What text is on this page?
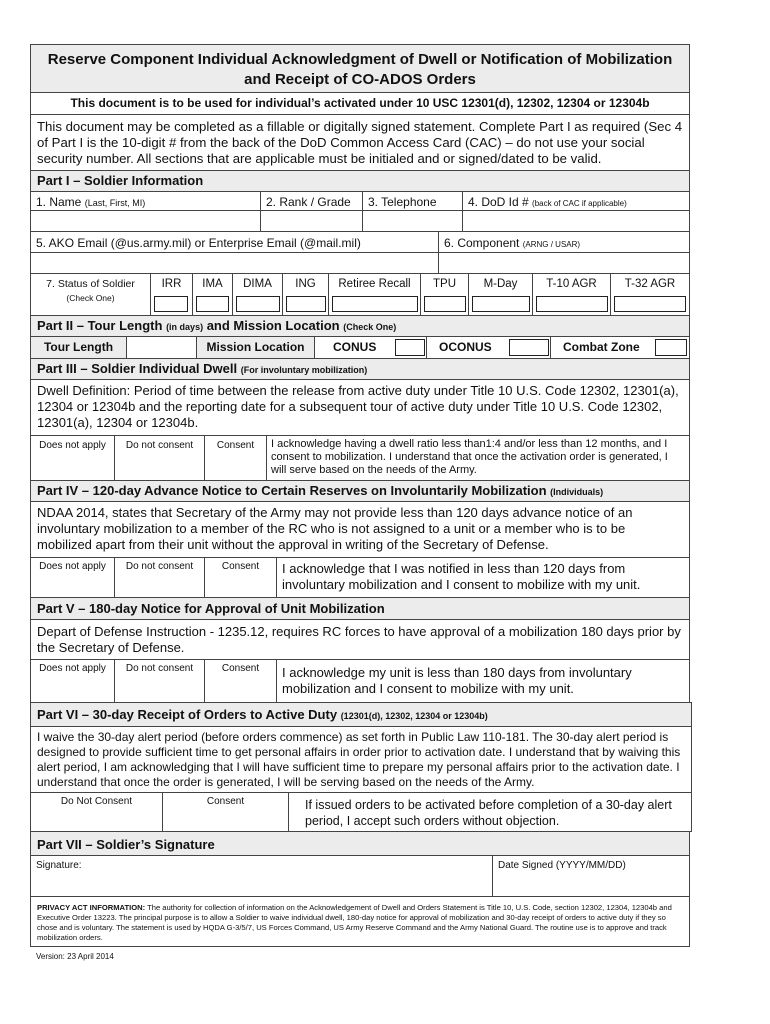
Reserve Component Individual Acknowledgment of Dwell or Notification of Mobilization
and Receipt of CO-ADOS Orders
This document is to be used for individual’s activated under 10 USC 12301(d), 12302, 12304 or 12304b
This document may be completed as a fillable or digitally signed statement. Complete Part I as required (Sec 4 of Part I is the 10-digit # from the back of the DoD Common Access Card (CAC) – do not use your social security number. All sections that are applicable must be initialed and or signed/dated to be valid.
Part I – Soldier Information
1. Name (Last, First, MI)	2. Rank / Grade	3. Telephone	4. DoD Id # (back of CAC if applicable)
5. AKO Email (@us.army.mil) or Enterprise Email (@mail.mil)	6. Component (ARNG / USAR)
7. Status of Soldier
(Check One)
IRR	IMA	DIMA	ING	Retiree Recall	TPU	M-Day	T-10 AGR	T-32 AGR
Part II – Tour Length (in days) and Mission Location (Check One)
Tour Length	Mission Location	CONUS	OCONUS	Combat Zone
Part III – Soldier Individual Dwell (For involuntary mobilization)
Dwell Definition: Period of time between the release from active duty under Title 10 U.S. Code 12302, 12301(a), 12304 or 12304b and the reporting date for a subsequent tour of active duty under Title 10 U.S. Code 12302, 12301(a), 12304 or 12304b.
Does not apply	Do not consent	Consent	I acknowledge having a dwell ratio less than1:4 and/or less than 12 months, and I consent to mobilization. I understand that once the activation order is generated, I will serve based on the needs of the Army.
Part IV – 120-day Advance Notice to Certain Reserves on Involuntarily Mobilization (Individuals)
NDAA 2014, states that Secretary of the Army may not provide less than 120 days advance notice of an involuntary mobilization to a member of the RC who is not assigned to a unit or a member who is to be mobilized apart from their unit without the approval in writing of the Secretary of Defense.
Does not apply	Do not consent	Consent	I acknowledge that I was notified in less than 120 days from involuntary mobilization and I consent to mobilize with my unit.
Part V – 180-day Notice for Approval of Unit Mobilization
Depart of Defense Instruction - 1235.12, requires RC forces to have approval of a mobilization 180 days prior by the Secretary of Defense.
Does not apply	Do not consent	Consent	I acknowledge my unit is less than 180 days from involuntary mobilization and I consent to mobilize with my unit.
Part VI – 30-day Receipt of Orders to Active Duty (12301(d), 12302, 12304 or 12304b)
I waive the 30-day alert period (before orders commence) as set forth in Public Law 110-181. The 30-day alert period is designed to provide sufficient time to get personal affairs in order prior to activation date. I understand that by waiving this alert period, I am acknowledging that I will have sufficient time to prepare my personal affairs prior to the activation date. I understand that once the order is generated, I will be serving based on the needs of the Army.
Do Not Consent	Consent	If issued orders to be activated before completion of a 30-day alert period, I accept such orders without objection.
Part VII – Soldier’s Signature
Signature:	Date Signed (YYYY/MM/DD)
PRIVACY ACT INFORMATION: The authority for collection of information on the Acknowledgement of Dwell and Orders Statement is Title 10, U.S. Code, section 12302, 12304, 12304b and Executive Order 13223. The principal purpose is to allow a Soldier to waive individual dwell, 180-day notice for approval of mobilization and 30-day receipt of orders to active duty if they so chose and is voluntary. The statement is used by HQDA G-3/5/7, US Forces Command, US Army Reserve Command and the Army National Guard. The routine use is to approve and track mobilization orders.
Version: 23 April 2014
